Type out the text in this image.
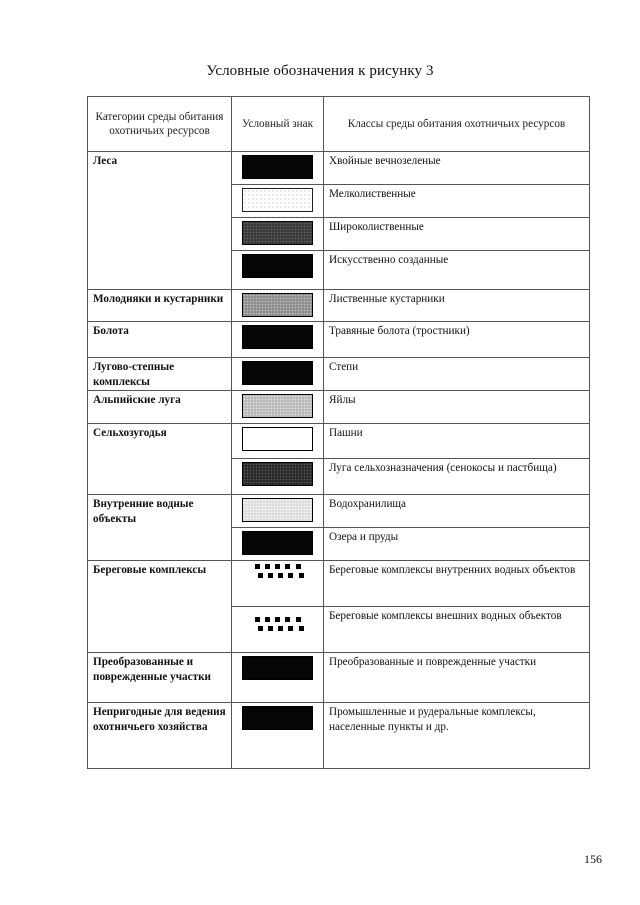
Условные обозначения к рисунку 3
Категории среды обитания охотничьих ресурсов	Условный знак	Классы среды обитания охотничьих ресурсов
Леса		Хвойные вечнозеленые
		Мелколиственные
		Широколиственные
		Искусственно созданные
Молодняки и кустарники		Лиственные кустарники
Болота		Травяные болота (тростники)
Лугово-степные комплексы		Степи
Альпийские луга		Яйлы
Сельхозугодья		Пашни
		Луга сельхозназначения (сенокосы и пастбища)
Внутренние водные объекты		Водохранилища
		Озера и пруды
Береговые комплексы		Береговые комплексы внутренних водных объектов

		Береговые комплексы внешних водных объектов
Преобразованные и поврежденные участки		Преобразованные и поврежденные участки
Непригодные для ведения охотничьего хозяйства		Промышленные и рудеральные комплексы, населенные пункты и др.
156
